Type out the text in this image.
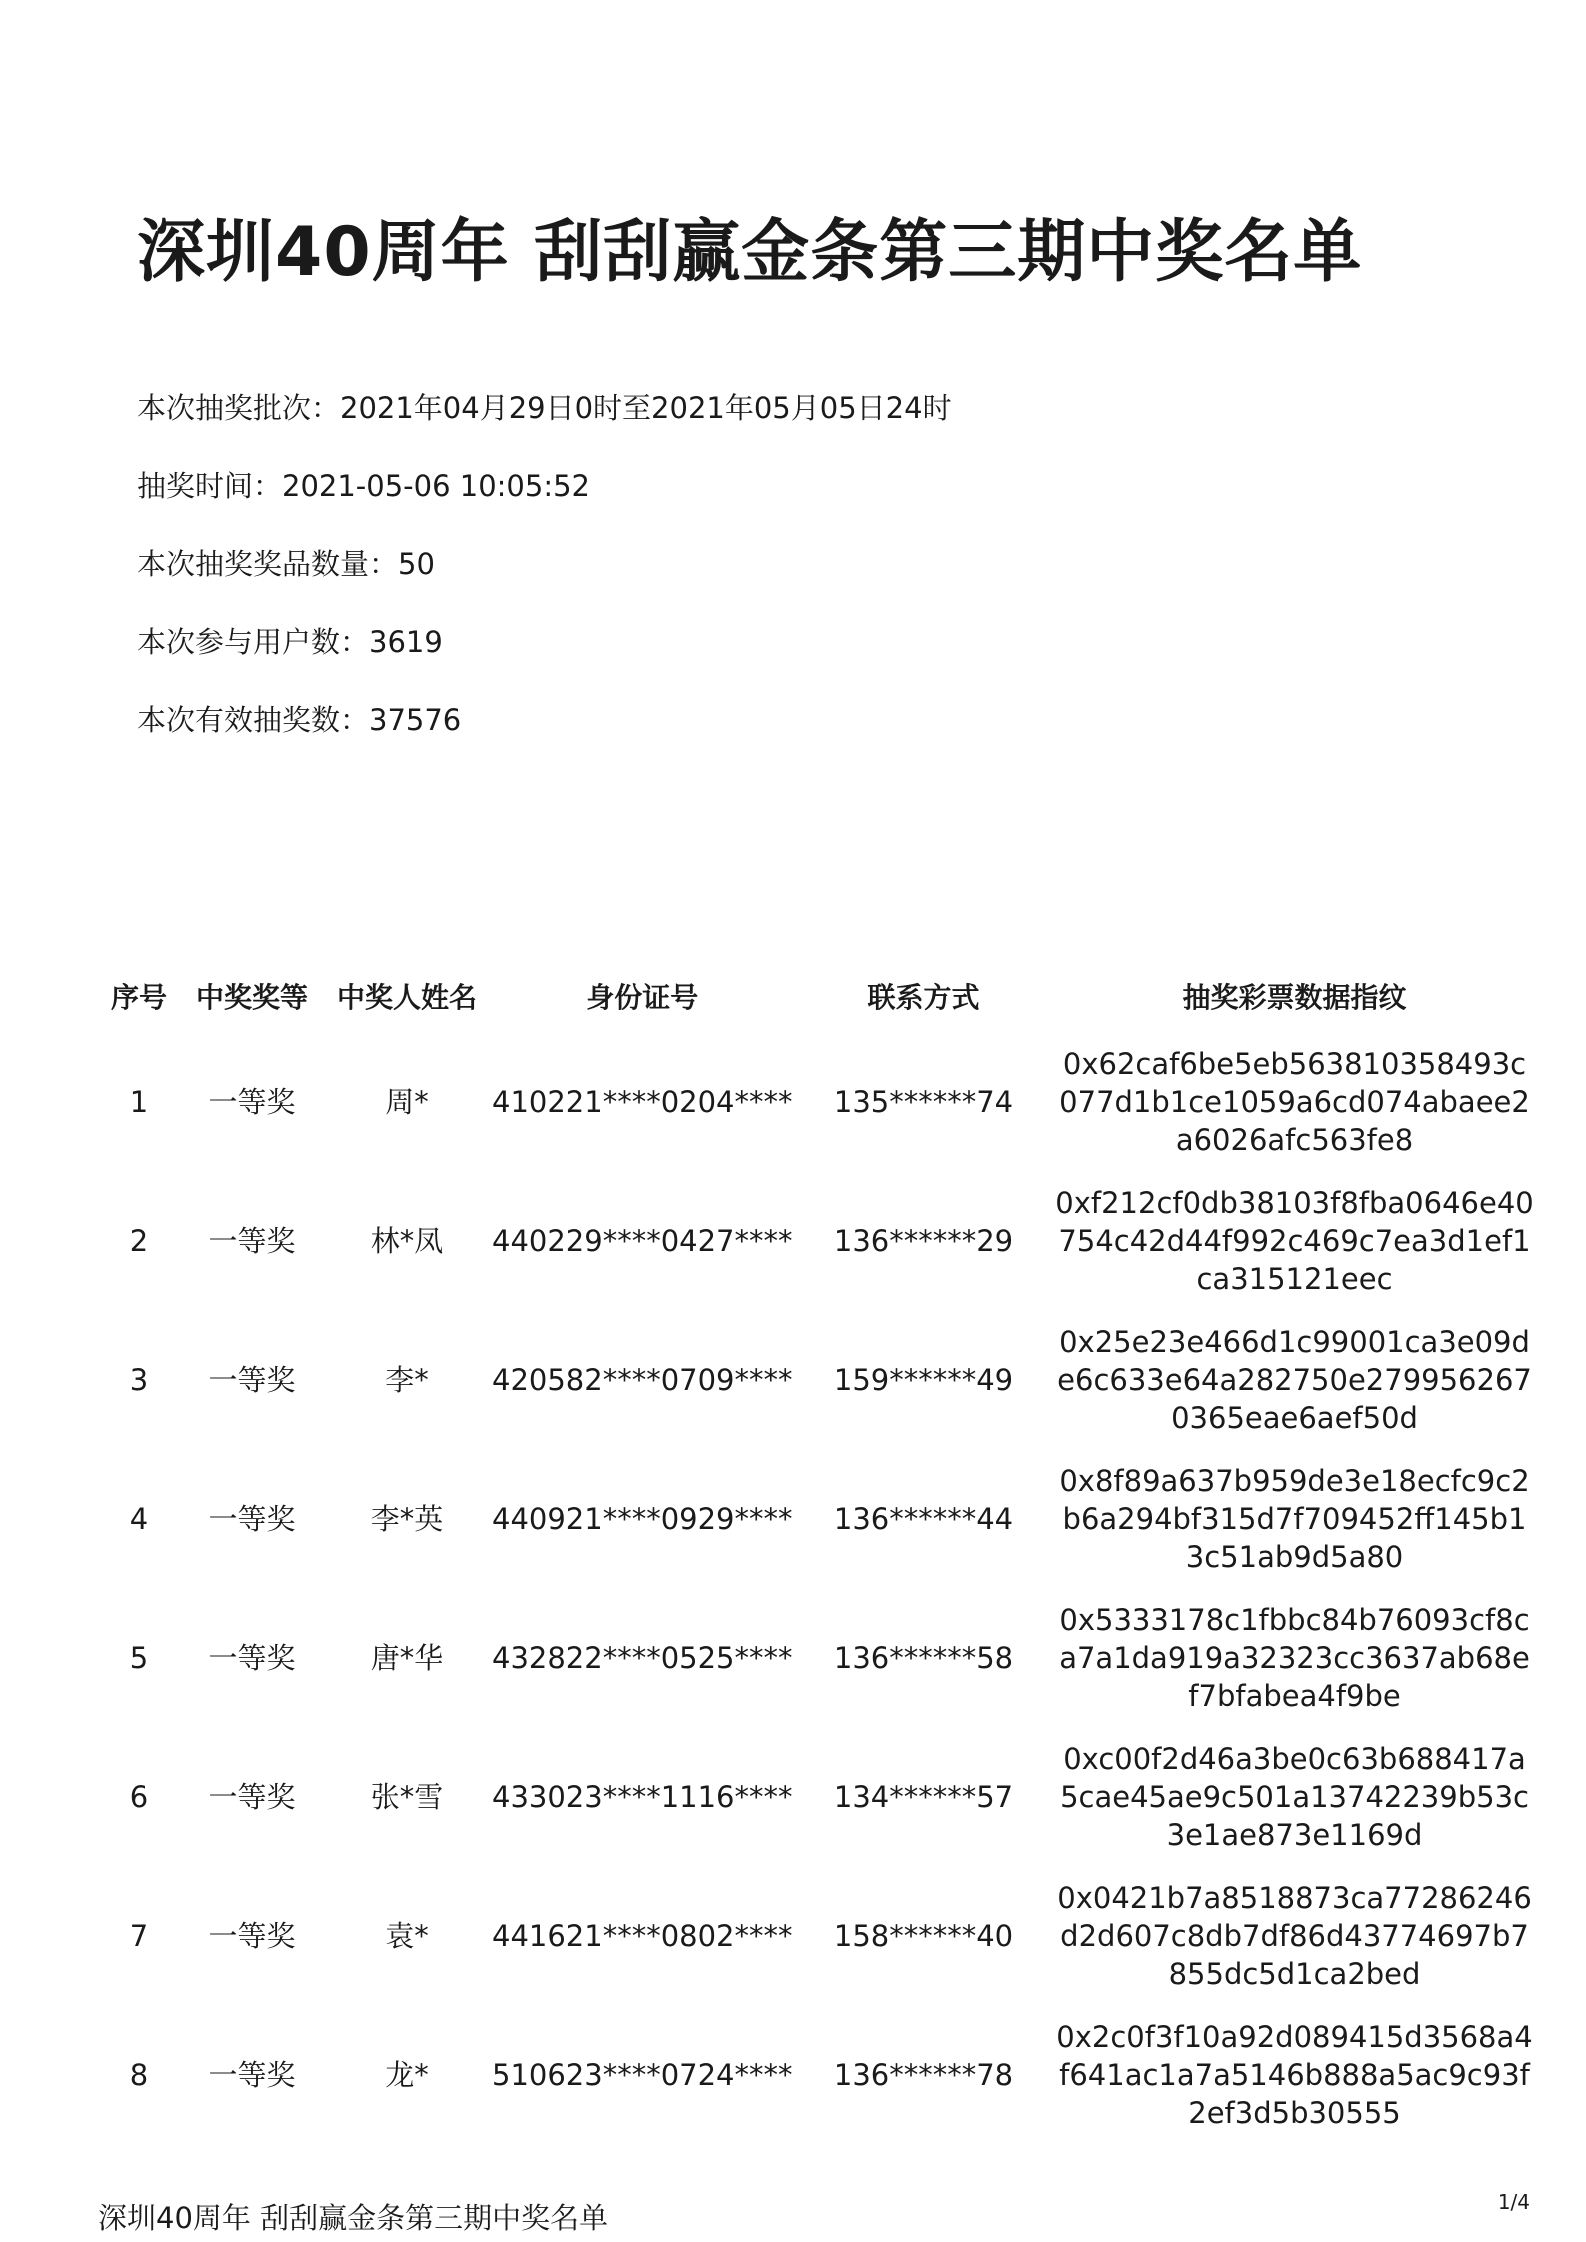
深圳40周年 刮刮赢金条第三期中奖名单
本次抽奖批次：2021年04月29日0时至2021年05月05日24时
抽奖时间：2021-05-06 10:05:52
本次抽奖奖品数量：50
本次参与用户数：3619
本次有效抽奖数：37576
序号	中奖奖等	中奖人姓名	身份证号	联系方式	抽奖彩票数据指纹
1	一等奖	周*	410221****0204****	135******74	0x62caf6be5eb563810358493c077d1b1ce1059a6cd074abaee2a6026afc563fe8
2	一等奖	林*凤	440229****0427****	136******29	0xf212cf0db38103f8fba0646e40754c42d44f992c469c7ea3d1ef1ca315121eec
3	一等奖	李*	420582****0709****	159******49	0x25e23e466d1c99001ca3e09de6c633e64a282750e2799562670365eae6aef50d
4	一等奖	李*英	440921****0929****	136******44	0x8f89a637b959de3e18ecfc9c2b6a294bf315d7f709452ff145b13c51ab9d5a80
5	一等奖	唐*华	432822****0525****	136******58	0x5333178c1fbbc84b76093cf8ca7a1da919a32323cc3637ab68ef7bfabea4f9be
6	一等奖	张*雪	433023****1116****	134******57	0xc00f2d46a3be0c63b688417a5cae45ae9c501a13742239b53c3e1ae873e1169d
7	一等奖	袁*	441621****0802****	158******40	0x0421b7a8518873ca77286246d2d607c8db7df86d43774697b7855dc5d1ca2bed
8	一等奖	龙*	510623****0724****	136******78	0x2c0f3f10a92d089415d3568a4f641ac1a7a5146b888a5ac9c93f2ef3d5b30555
深圳40周年 刮刮赢金条第三期中奖名单	1/4
